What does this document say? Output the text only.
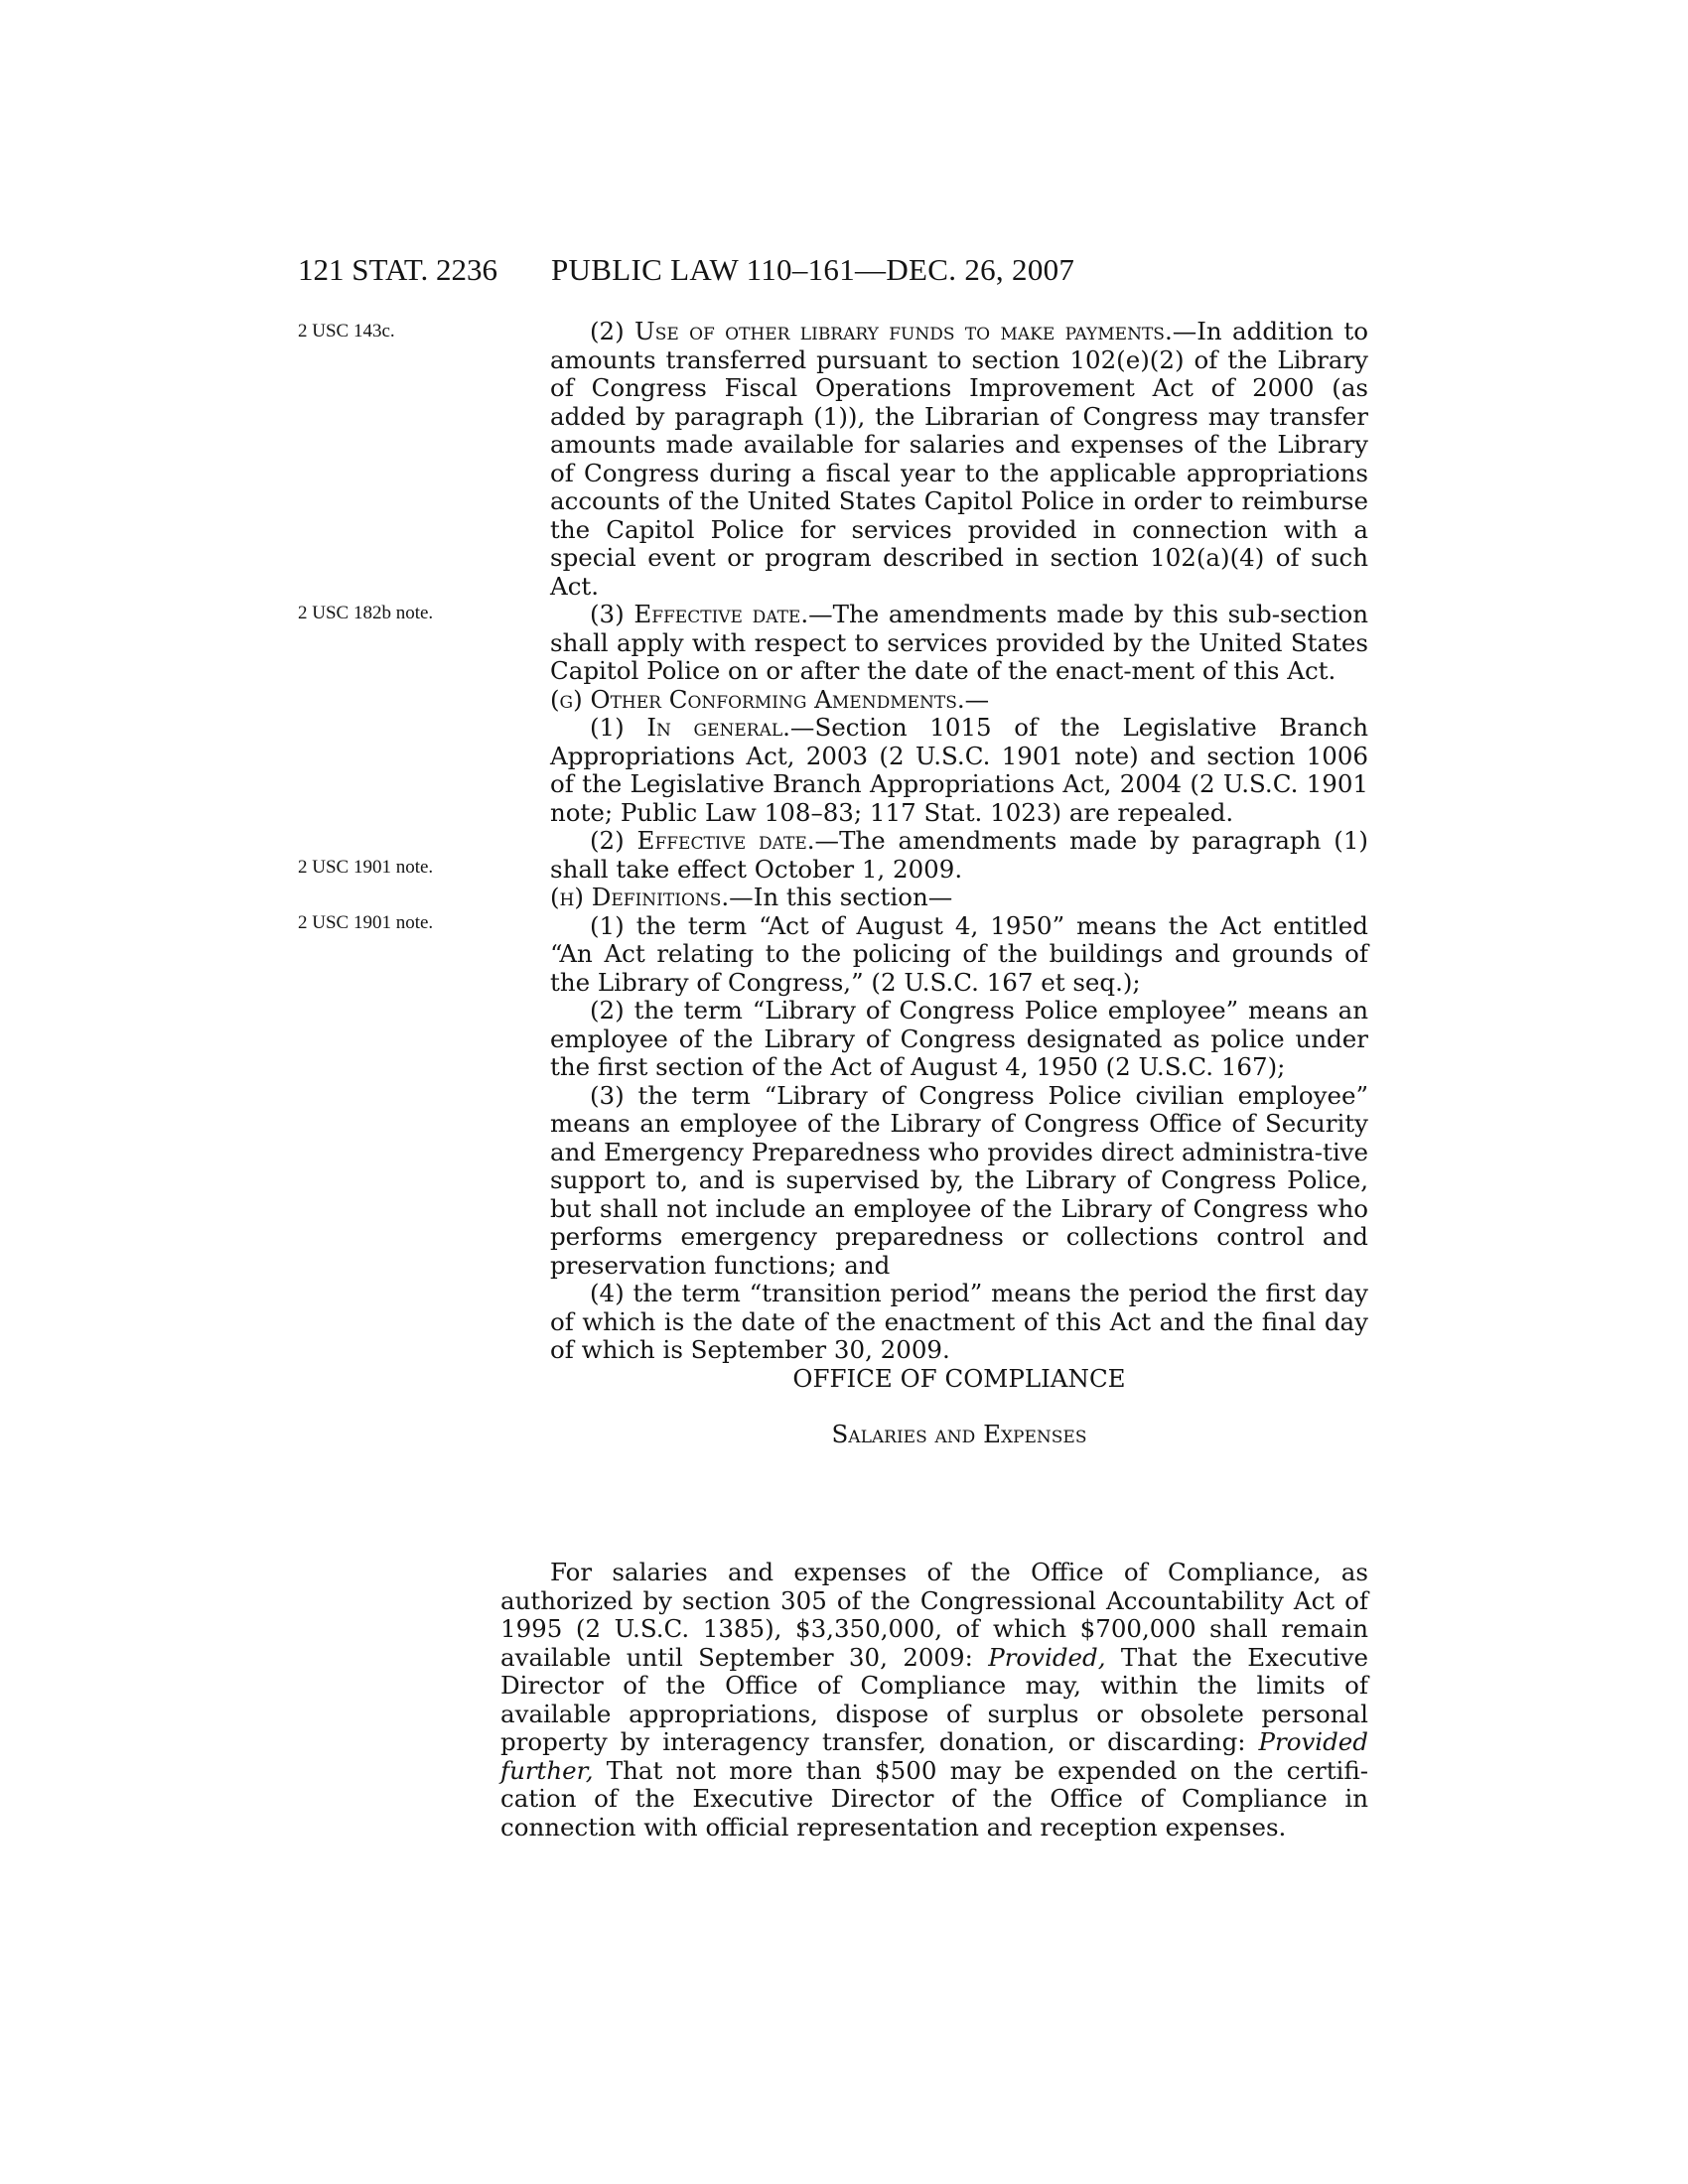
121 STAT. 2236 PUBLIC LAW 110–161—DEC. 26, 2007
2 USC 143c.
2 USC 182b note.
2 USC 1901 note.
2 USC 1901 note.

(2) Use of other library funds to make payments.—In addition to amounts transferred pursuant to section 102(e)(2) of the Library of Congress Fiscal Operations Improvement Act of 2000 (as added by paragraph (1)), the Librarian of Congress may transfer amounts made available for salaries and expenses of the Library of Congress during a fiscal year to the applicable appropriations accounts of the United States Capitol Police in order to reimburse the Capitol Police for services provided in connection with a special event or program described in section 102(a)(4) of such Act.

(3) Effective date.—The amendments made by this sub-section shall apply with respect to services provided by the United States Capitol Police on or after the date of the enact-ment of this Act.

(g) Other Conforming Amendments.—

(1) In general.—Section 1015 of the Legislative Branch Appropriations Act, 2003 (2 U.S.C. 1901 note) and section 1006 of the Legislative Branch Appropriations Act, 2004 (2 U.S.C. 1901 note; Public Law 108–83; 117 Stat. 1023) are repealed.

(2) Effective date.—The amendments made by paragraph (1) shall take effect October 1, 2009.

(h) Definitions.—In this section—

(1) the term “Act of August 4, 1950” means the Act entitled “An Act relating to the policing of the buildings and grounds of the Library of Congress,” (2 U.S.C. 167 et seq.);

(2) the term “Library of Congress Police employee” means an employee of the Library of Congress designated as police under the first section of the Act of August 4, 1950 (2 U.S.C. 167);

(3) the term “Library of Congress Police civilian employee” means an employee of the Library of Congress Office of Security and Emergency Preparedness who provides direct administra-tive support to, and is supervised by, the Library of Congress Police, but shall not include an employee of the Library of Congress who performs emergency preparedness or collections control and preservation functions; and

(4) the term “transition period” means the period the first day of which is the date of the enactment of this Act and the final day of which is September 30, 2009.

OFFICE OF COMPLIANCE

Salaries and Expenses

For salaries and expenses of the Office of Compliance, as authorized by section 305 of the Congressional Accountability Act of 1995 (2 U.S.C. 1385), $3,350,000, of which $700,000 shall remain available until September 30, 2009: Provided, That the Executive Director of the Office of Compliance may, within the limits of available appropriations, dispose of surplus or obsolete personal property by interagency transfer, donation, or discarding: Provided further, That not more than $500 may be expended on the certifi-cation of the Executive Director of the Office of Compliance in connection with official representation and reception expenses.
